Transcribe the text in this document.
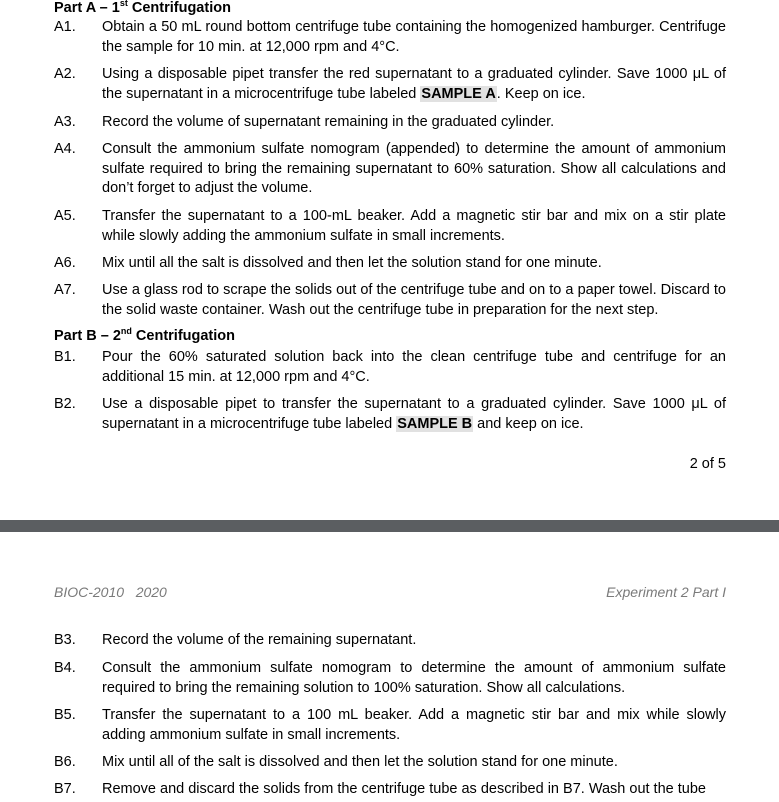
Part A – 1st Centrifugation
A1.	Obtain a 50 mL round bottom centrifuge tube containing the homogenized hamburger. Centrifuge the sample for 10 min. at 12,000 rpm and 4°C.
A2.	Using a disposable pipet transfer the red supernatant to a graduated cylinder. Save 1000 μL of the supernatant in a microcentrifuge tube labeled SAMPLE A. Keep on ice.
A3.	Record the volume of supernatant remaining in the graduated cylinder.
A4.	Consult the ammonium sulfate nomogram (appended) to determine the amount of ammonium sulfate required to bring the remaining supernatant to 60% saturation. Show all calculations and don’t forget to adjust the volume.
A5.	Transfer the supernatant to a 100-mL beaker. Add a magnetic stir bar and mix on a stir plate while slowly adding the ammonium sulfate in small increments.
A6.	Mix until all the salt is dissolved and then let the solution stand for one minute.
A7.	Use a glass rod to scrape the solids out of the centrifuge tube and on to a paper towel. Discard to the solid waste container. Wash out the centrifuge tube in preparation for the next step.
Part B – 2nd Centrifugation
B1.	Pour the 60% saturated solution back into the clean centrifuge tube and centrifuge for an additional 15 min. at 12,000 rpm and 4°C.
B2.	Use a disposable pipet to transfer the supernatant to a graduated cylinder. Save 1000 μL of supernatant in a microcentrifuge tube labeled SAMPLE B and keep on ice.
2 of 5
BIOC-2010   2020	Experiment 2 Part I
B3.	Record the volume of the remaining supernatant.
B4.	Consult the ammonium sulfate nomogram to determine the amount of ammonium sulfate required to bring the remaining solution to 100% saturation. Show all calculations.
B5.	Transfer the supernatant to a 100 mL beaker. Add a magnetic stir bar and mix while slowly adding ammonium sulfate in small increments.
B6.	Mix until all of the salt is dissolved and then let the solution stand for one minute.
B7.	Remove and discard the solids from the centrifuge tube as described in B7. Wash out the tube
